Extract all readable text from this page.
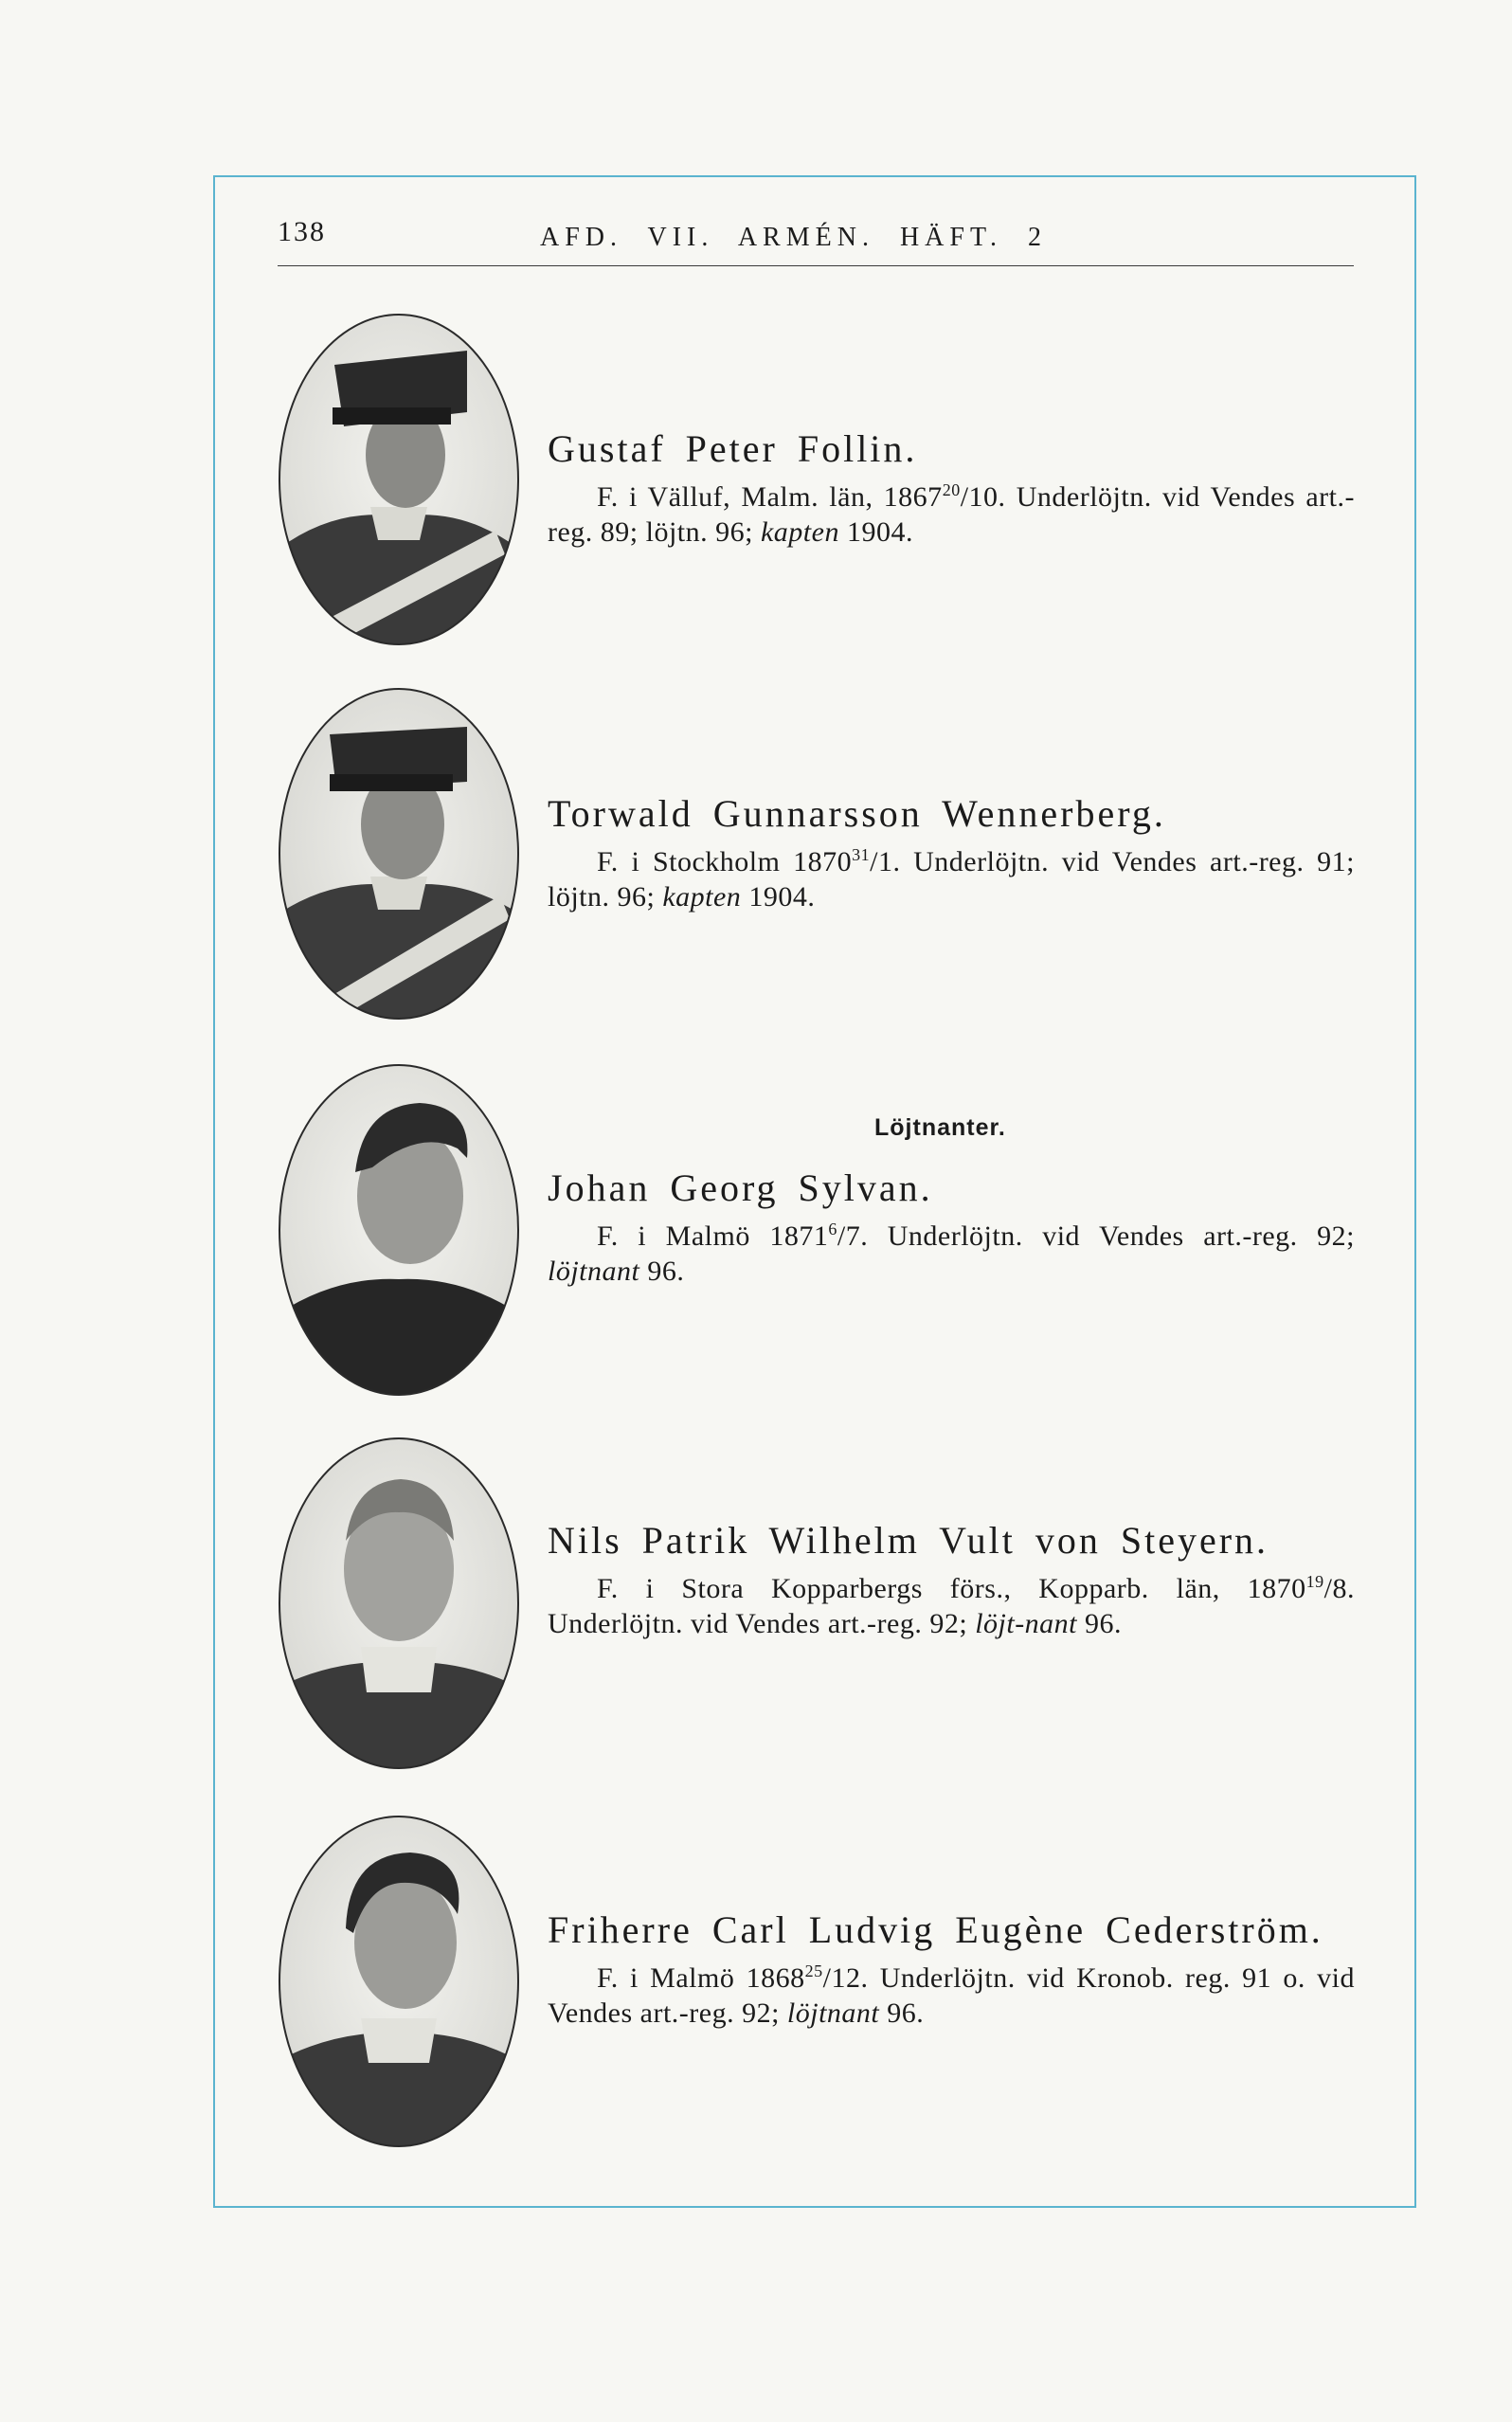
138	AFD. VII. ARMÉN. HÄFT. 2
Gustaf Peter Follin.
F. i Välluf, Malm. län, 1867$^{20}$/10. Underlöjtn. vid Vendes art.-reg. 89; löjtn. 96; kapten 1904.
Torwald Gunnarsson Wennerberg.
F. i Stockholm 1870$^{31}$/1. Underlöjtn. vid Vendes art.-reg. 91; löjtn. 96; kapten 1904.
Löjtnanter.
Johan Georg Sylvan.
F. i Malmö 1871$^6$/7. Underlöjtn. vid Vendes art.-reg. 92; löjtnant 96.
Nils Patrik Wilhelm Vult von Steyern.
F. i Stora Kopparbergs förs., Kopparb. län, 1870$^{19}$/8. Underlöjtn. vid Vendes art.-reg. 92; löjt-nant 96.
Friherre Carl Ludvig Eugène Cederström.
F. i Malmö 1868$^{25}$/12. Underlöjtn. vid Kronob. reg. 91 o. vid Vendes art.-reg. 92; löjtnant 96.
